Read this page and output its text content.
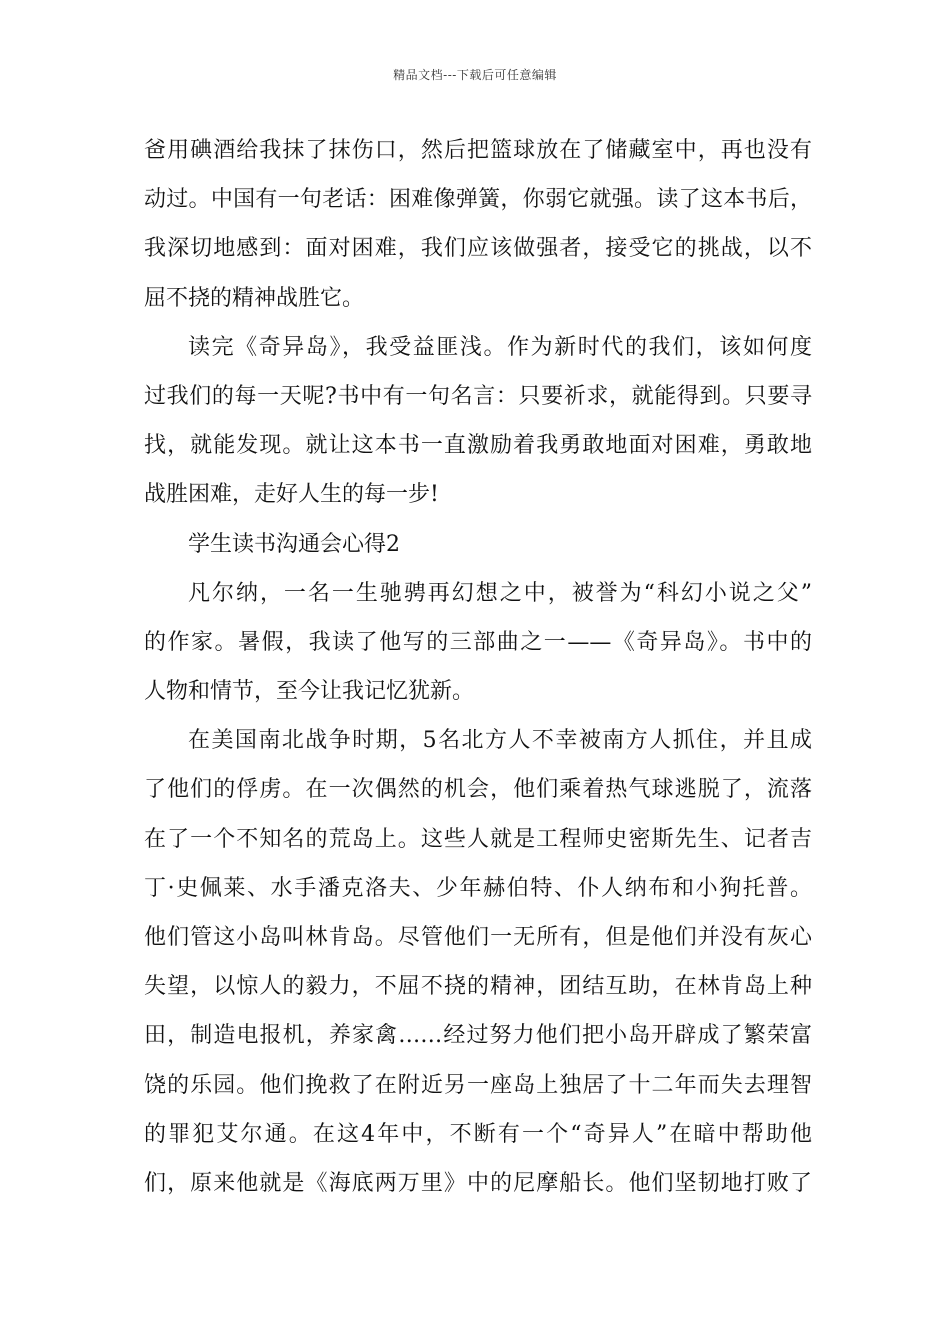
精品文档---下载后可任意编辑
爸用碘酒给我抹了抹伤口，然后把篮球放在了储藏室中，再也没有
动过。中国有一句老话：困难像弹簧，你弱它就强。读了这本书后，
我深切地感到：面对困难，我们应该做强者，接受它的挑战，以不
屈不挠的精神战胜它。
读完《奇异岛》，我受益匪浅。作为新时代的我们，该如何度
过我们的每一天呢?书中有一句名言：只要祈求，就能得到。只要寻
找，就能发现。就让这本书一直激励着我勇敢地面对困难，勇敢地
战胜困难，走好人生的每一步!
学生读书沟通会心得2
凡尔纳，一名一生驰骋再幻想之中，被誉为“科幻小说之父”
的作家。暑假，我读了他写的三部曲之一——《奇异岛》。书中的
人物和情节，至今让我记忆犹新。
在美国南北战争时期，5名北方人不幸被南方人抓住，并且成
了他们的俘虏。在一次偶然的机会，他们乘着热气球逃脱了，流落
在了一个不知名的荒岛上。这些人就是工程师史密斯先生、记者吉
丁·史佩莱、水手潘克洛夫、少年赫伯特、仆人纳布和小狗托普。
他们管这小岛叫林肯岛。尽管他们一无所有，但是他们并没有灰心
失望，以惊人的毅力，不屈不挠的精神，团结互助，在林肯岛上种
田，制造电报机，养家禽……经过努力他们把小岛开辟成了繁荣富
饶的乐园。他们挽救了在附近另一座岛上独居了十二年而失去理智
的罪犯艾尔通。在这4年中，不断有一个“奇异人”在暗中帮助他
们，原来他就是《海底两万里》中的尼摩船长。他们坚韧地打败了
